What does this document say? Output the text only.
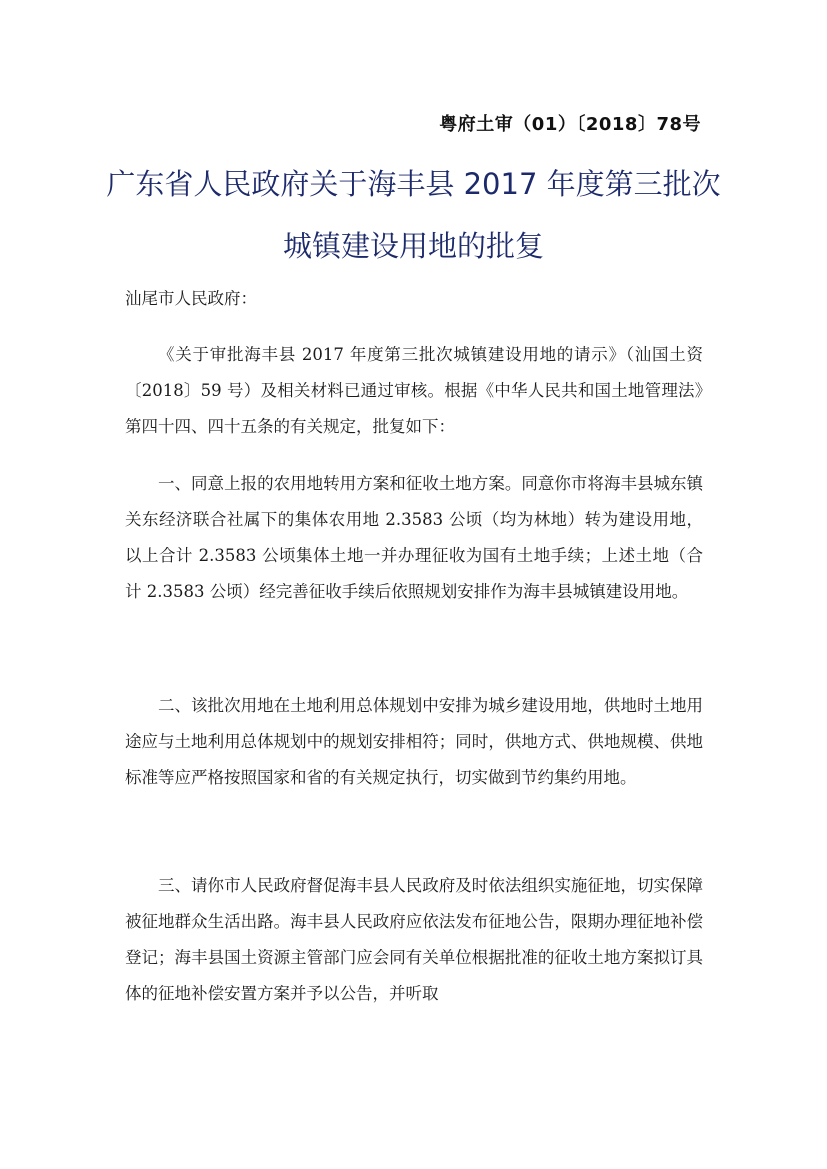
粤府土审（01）〔2018〕78号
广东省人民政府关于海丰县 2017 年度第三批次
城镇建设用地的批复
汕尾市人民政府：

《关于审批海丰县 2017 年度第三批次城镇建设用地的请示》（汕国土资〔2018〕59 号）及相关材料已通过审核。根据《中华人民共和国土地管理法》第四十四、四十五条的有关规定，批复如下：

一、同意上报的农用地转用方案和征收土地方案。同意你市将海丰县城东镇关东经济联合社属下的集体农用地 2.3583 公顷（均为林地）转为建设用地，以上合计 2.3583 公顷集体土地一并办理征收为国有土地手续；上述土地（合计 2.3583 公顷）经完善征收手续后依照规划安排作为海丰县城镇建设用地。

二、该批次用地在土地利用总体规划中安排为城乡建设用地，供地时土地用途应与土地利用总体规划中的规划安排相符；同时，供地方式、供地规模、供地标准等应严格按照国家和省的有关规定执行，切实做到节约集约用地。

三、请你市人民政府督促海丰县人民政府及时依法组织实施征地，切实保障被征地群众生活出路。海丰县人民政府应依法发布征地公告，限期办理征地补偿登记；海丰县国土资源主管部门应会同有关单位根据批准的征收土地方案拟订具体的征地补偿安置方案并予以公告，并听取
